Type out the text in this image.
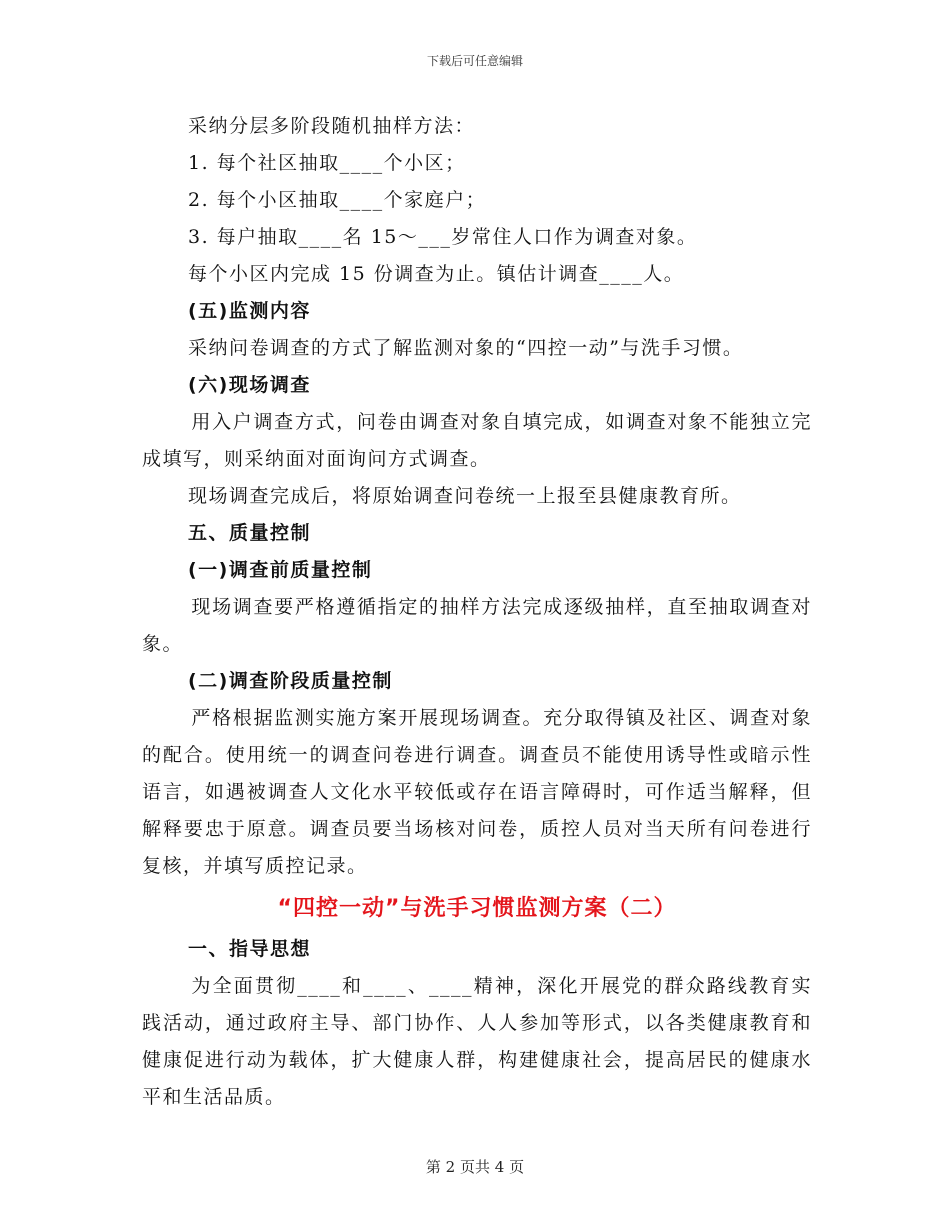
下载后可任意编辑
采纳分层多阶段随机抽样方法：
1. 每个社区抽取____个小区；
2. 每个小区抽取____个家庭户；
3. 每户抽取____名 15～___岁常住人口作为调查对象。
每个小区内完成 15 份调查为止。镇估计调查____人。
(五)监测内容
采纳问卷调查的方式了解监测对象的“四控一动”与洗手习惯。
(六)现场调查
用入户调查方式，问卷由调查对象自填完成，如调查对象不能独立完成填写，则采纳面对面询问方式调查。
现场调查完成后，将原始调查问卷统一上报至县健康教育所。
五、质量控制
(一)调查前质量控制
现场调查要严格遵循指定的抽样方法完成逐级抽样，直至抽取调查对象。
(二)调查阶段质量控制
严格根据监测实施方案开展现场调查。充分取得镇及社区、调查对象的配合。使用统一的调查问卷进行调查。调查员不能使用诱导性或暗示性语言，如遇被调查人文化水平较低或存在语言障碍时，可作适当解释，但解释要忠于原意。调查员要当场核对问卷，质控人员对当天所有问卷进行复核，并填写质控记录。
“四控一动”与洗手习惯监测方案（二）
一、指导思想
为全面贯彻____和____、____精神，深化开展党的群众路线教育实践活动，通过政府主导、部门协作、人人参加等形式，以各类健康教育和健康促进行动为载体，扩大健康人群，构建健康社会，提高居民的健康水平和生活品质。
第 2 页共 4 页
